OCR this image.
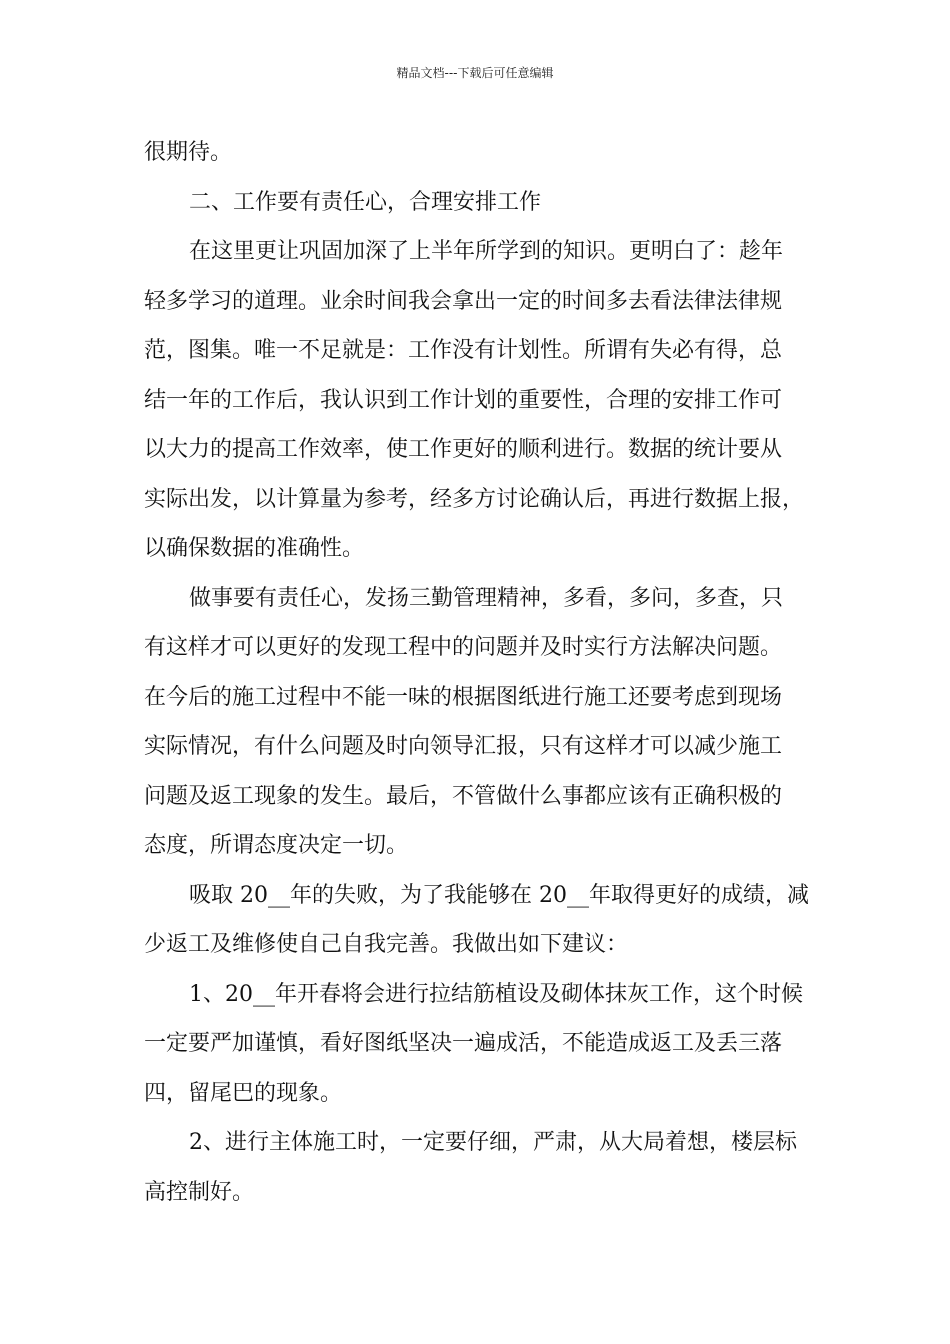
精品文档---下载后可任意编辑
很期待。
二、工作要有责任心，合理安排工作
在这里更让巩固加深了上半年所学到的知识。更明白了：趁年
轻多学习的道理。业余时间我会拿出一定的时间多去看法律法律规
范，图集。唯一不足就是：工作没有计划性。所谓有失必有得，总
结一年的工作后，我认识到工作计划的重要性，合理的安排工作可
以大力的提高工作效率，使工作更好的顺利进行。数据的统计要从
实际出发，以计算量为参考，经多方讨论确认后，再进行数据上报，
以确保数据的准确性。
做事要有责任心，发扬三勤管理精神，多看，多问，多查，只
有这样才可以更好的发现工程中的问题并及时实行方法解决问题。
在今后的施工过程中不能一味的根据图纸进行施工还要考虑到现场
实际情况，有什么问题及时向领导汇报，只有这样才可以减少施工
问题及返工现象的发生。最后，不管做什么事都应该有正确积极的
态度，所谓态度决定一切。
吸取 20__年的失败，为了我能够在 20__年取得更好的成绩，减
少返工及维修使自己自我完善。我做出如下建议：
1、20__年开春将会进行拉结筋植设及砌体抹灰工作，这个时候
一定要严加谨慎，看好图纸坚决一遍成活，不能造成返工及丢三落
四，留尾巴的现象。
2、进行主体施工时，一定要仔细，严肃，从大局着想，楼层标
高控制好。
